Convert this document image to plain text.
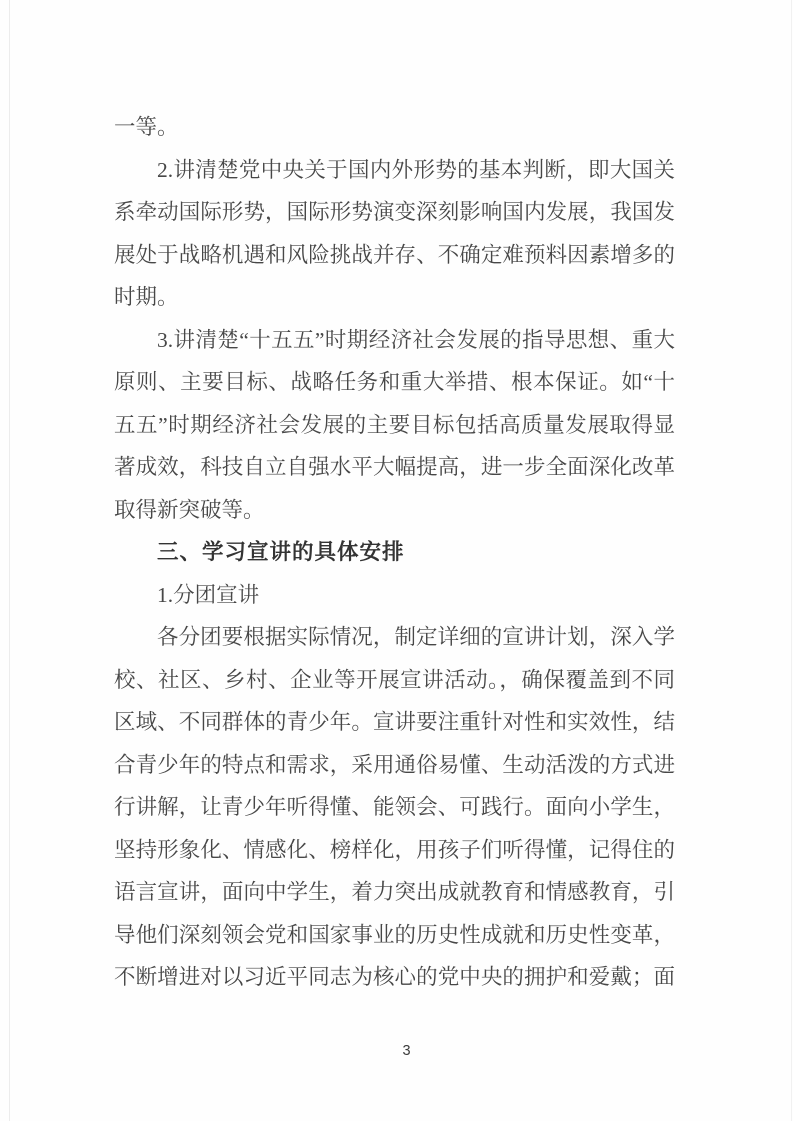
一等。
2.讲清楚党中央关于国内外形势的基本判断，即大国关
系牵动国际形势，国际形势演变深刻影响国内发展，我国发
展处于战略机遇和风险挑战并存、不确定难预料因素增多的
时期。
3.讲清楚“十五五”时期经济社会发展的指导思想、重大
原则、主要目标、战略任务和重大举措、根本保证。如“十
五五”时期经济社会发展的主要目标包括高质量发展取得显
著成效，科技自立自强水平大幅提高，进一步全面深化改革
取得新突破等。
三、学习宣讲的具体安排
1.分团宣讲
各分团要根据实际情况，制定详细的宣讲计划，深入学
校、社区、乡村、企业等开展宣讲活动。，确保覆盖到不同
区域、不同群体的青少年。宣讲要注重针对性和实效性，结
合青少年的特点和需求，采用通俗易懂、生动活泼的方式进
行讲解，让青少年听得懂、能领会、可践行。面向小学生，
坚持形象化、情感化、榜样化，用孩子们听得懂，记得住的
语言宣讲，面向中学生，着力突出成就教育和情感教育，引
导他们深刻领会党和国家事业的历史性成就和历史性变革，
不断增进对以习近平同志为核心的党中央的拥护和爱戴；面
3
